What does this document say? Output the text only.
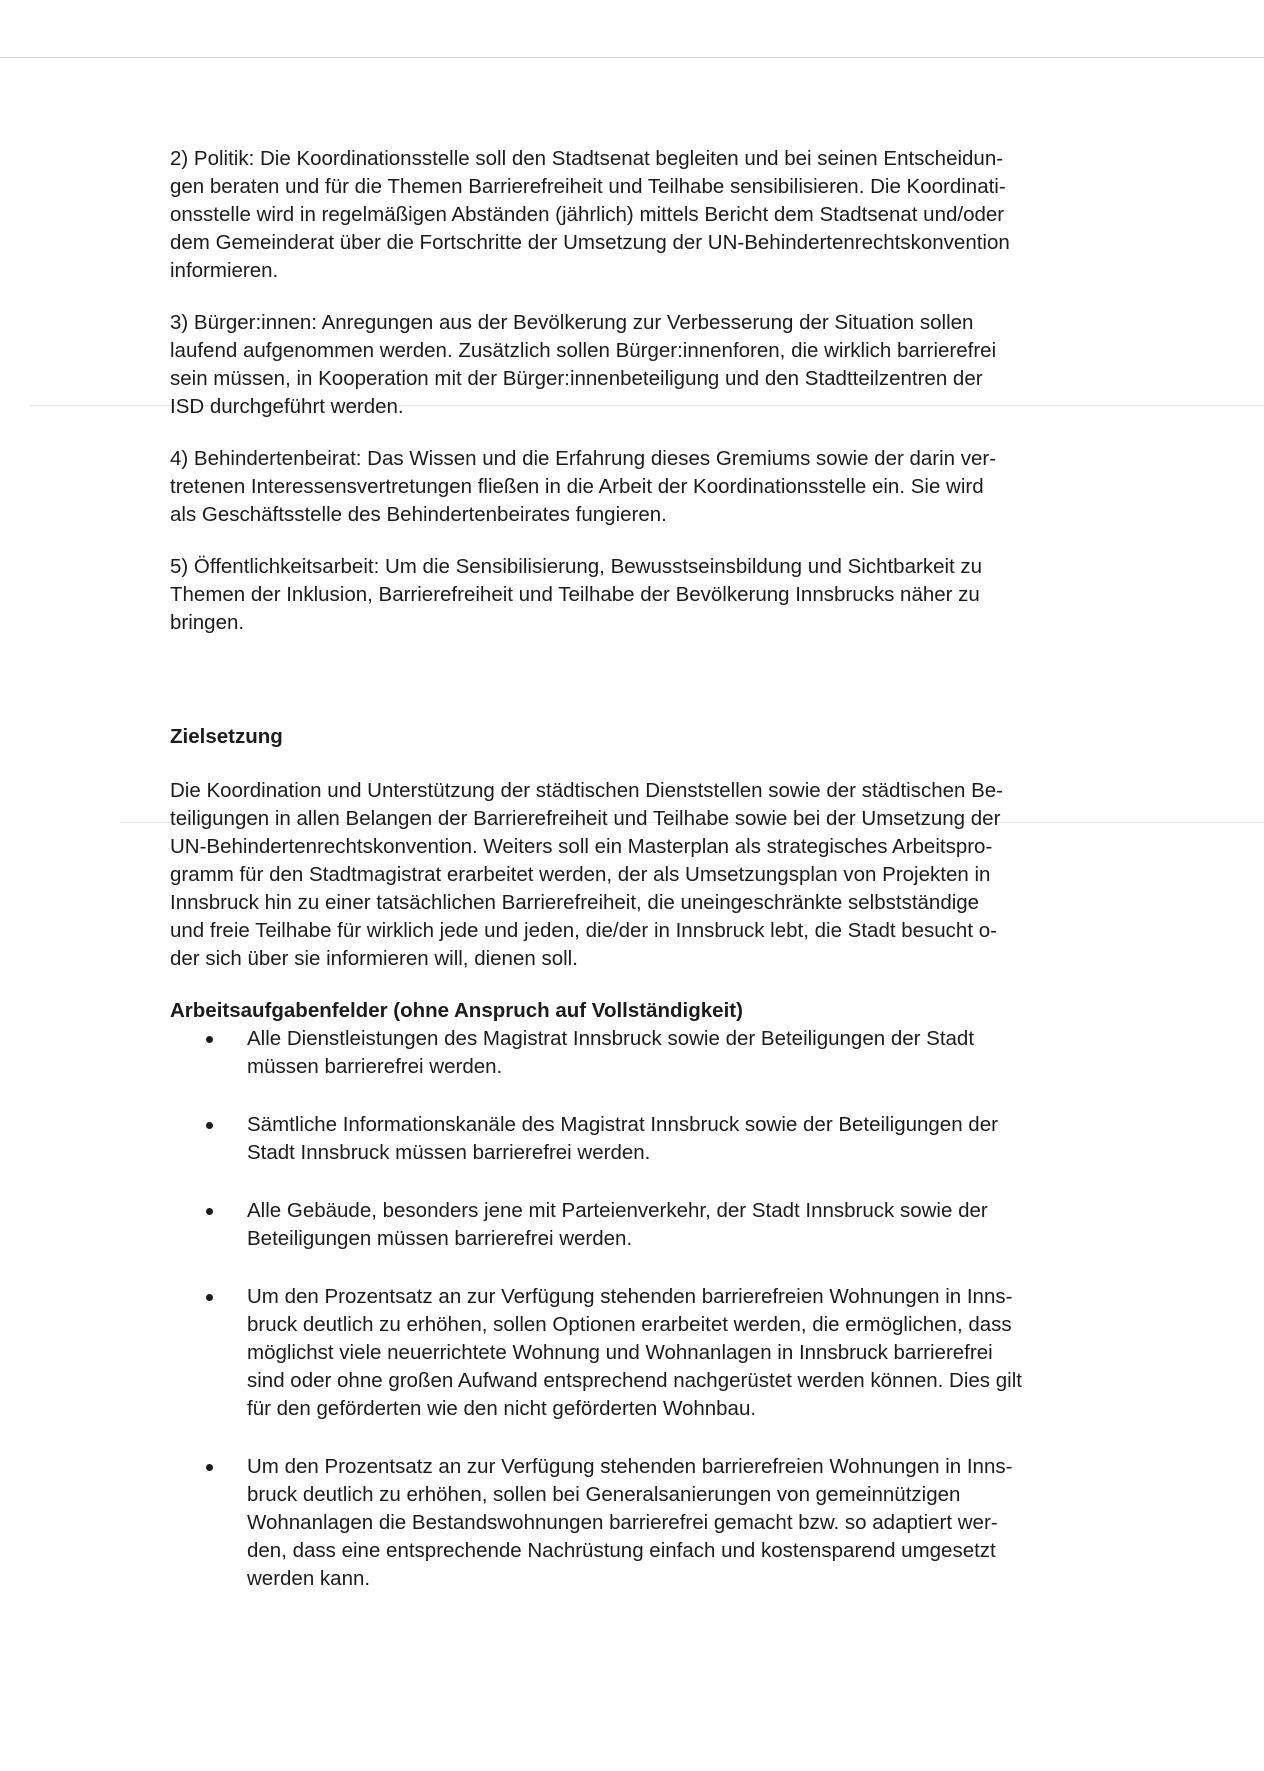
2) Politik: Die Koordinationsstelle soll den Stadtsenat begleiten und bei seinen Entscheidun-
gen beraten und für die Themen Barrierefreiheit und Teilhabe sensibilisieren. Die Koordinati-
onsstelle wird in regelmäßigen Abständen (jährlich) mittels Bericht dem Stadtsenat und/oder
dem Gemeinderat über die Fortschritte der Umsetzung der UN-Behindertenrechtskonvention
informieren.

3) Bürger:innen: Anregungen aus der Bevölkerung zur Verbesserung der Situation sollen
laufend aufgenommen werden. Zusätzlich sollen Bürger:innenforen, die wirklich barrierefrei
sein müssen, in Kooperation mit der Bürger:innenbeteiligung und den Stadtteilzentren der
ISD durchgeführt werden.

4) Behindertenbeirat: Das Wissen und die Erfahrung dieses Gremiums sowie der darin ver-
tretenen Interessensvertretungen fließen in die Arbeit der Koordinationsstelle ein. Sie wird
als Geschäftsstelle des Behindertenbeirates fungieren.

5) Öffentlichkeitsarbeit: Um die Sensibilisierung, Bewusstseinsbildung und Sichtbarkeit zu
Themen der Inklusion, Barrierefreiheit und Teilhabe der Bevölkerung Innsbrucks näher zu
bringen.

Zielsetzung

Die Koordination und Unterstützung der städtischen Dienststellen sowie der städtischen Be-
teiligungen in allen Belangen der Barrierefreiheit und Teilhabe sowie bei der Umsetzung der
UN-Behindertenrechtskonvention. Weiters soll ein Masterplan als strategisches Arbeitspro-
gramm für den Stadtmagistrat erarbeitet werden, der als Umsetzungsplan von Projekten in
Innsbruck hin zu einer tatsächlichen Barrierefreiheit, die uneingeschränkte selbstständige
und freie Teilhabe für wirklich jede und jeden, die/der in Innsbruck lebt, die Stadt besucht o-
der sich über sie informieren will, dienen soll.

Arbeitsaufgabenfelder (ohne Anspruch auf Vollständigkeit)
Alle Dienstleistungen des Magistrat Innsbruck sowie der Beteiligungen der Stadt
müssen barrierefrei werden.
Sämtliche Informationskanäle des Magistrat Innsbruck sowie der Beteiligungen der
Stadt Innsbruck müssen barrierefrei werden.
Alle Gebäude, besonders jene mit Parteienverkehr, der Stadt Innsbruck sowie der
Beteiligungen müssen barrierefrei werden.
Um den Prozentsatz an zur Verfügung stehenden barrierefreien Wohnungen in Inns-
bruck deutlich zu erhöhen, sollen Optionen erarbeitet werden, die ermöglichen, dass
möglichst viele neuerrichtete Wohnung und Wohnanlagen in Innsbruck barrierefrei
sind oder ohne großen Aufwand entsprechend nachgerüstet werden können. Dies gilt
für den geförderten wie den nicht geförderten Wohnbau.
Um den Prozentsatz an zur Verfügung stehenden barrierefreien Wohnungen in Inns-
bruck deutlich zu erhöhen, sollen bei Generalsanierungen von gemeinnützigen
Wohnanlagen die Bestandswohnungen barrierefrei gemacht bzw. so adaptiert wer-
den, dass eine entsprechende Nachrüstung einfach und kostensparend umgesetzt
werden kann.
